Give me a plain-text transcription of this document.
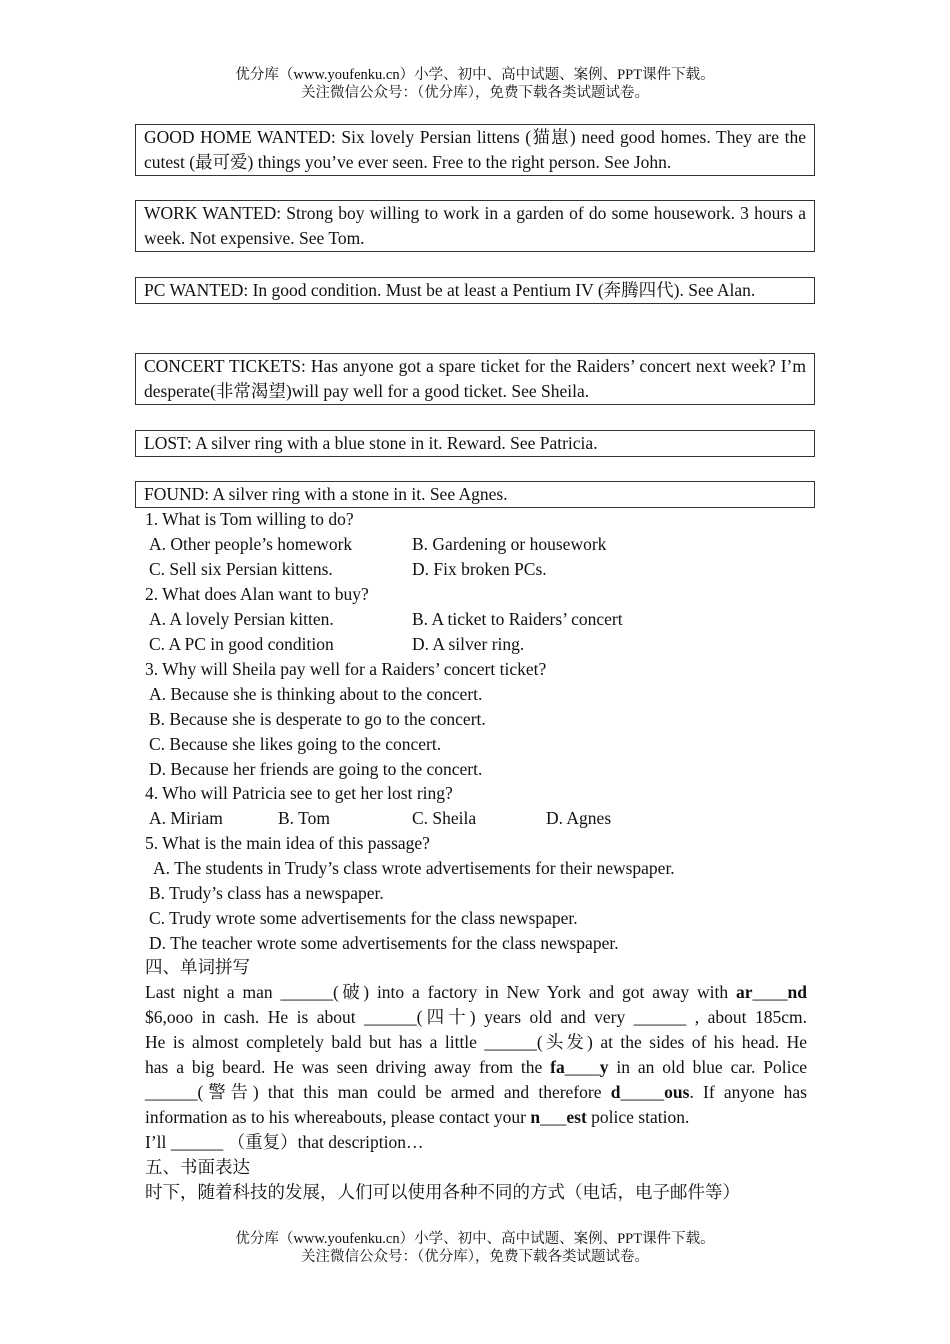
优分库（www.youfenku.cn）小学、初中、高中试题、案例、PPT课件下载。
关注微信公众号：（优分库），免费下载各类试题试卷。
GOOD HOME WANTED: Six lovely Persian littens (猫崽) need good homes. They are the cutest (最可爱) things you’ve ever seen. Free to the right person. See John.
WORK WANTED: Strong boy willing to work in a garden of do some housework. 3 hours a week. Not expensive. See Tom.
PC WANTED: In good condition. Must be at least a Pentium IV (奔腾四代). See Alan.
CONCERT TICKETS: Has anyone got a spare ticket for the Raiders’ concert next week? I’m desperate(非常渴望)will pay well for a good ticket. See Sheila.
LOST: A silver ring with a blue stone in it. Reward. See Patricia.
FOUND: A silver ring with a stone in it. See Agnes.
1. What is Tom willing to do?
A. Other people’s homework	B. Gardening or housework
C. Sell six Persian kittens.	D. Fix broken PCs.
2. What does Alan want to buy?
A. A lovely Persian kitten.	B. A ticket to Raiders’ concert
C. A PC in good condition	D. A silver ring.
3. Why will Sheila pay well for a Raiders’ concert ticket?
A. Because she is thinking about to the concert.
B. Because she is desperate to go to the concert.
C. Because she likes going to the concert.
D. Because her friends are going to the concert.
4. Who will Patricia see to get her lost ring?
A. Miriam	B. Tom	C. Sheila	D. Agnes
5. What is the main idea of this passage?
A. The students in Trudy’s class wrote advertisements for their newspaper.
B. Trudy’s class has a newspaper.
C. Trudy wrote some advertisements for the class newspaper.
D. The teacher wrote some advertisements for the class newspaper.
四、单词拼写
Last night a man ______(破) into a factory in New York and got away with ar____nd
$6,ooo in cash. He is about ______(四十) years old and very ______ , about 185cm.
He is almost completely bald but has a little ______(头发) at the sides of his head. He
has a big beard. He was seen driving away from the fa____y in an old blue car. Police
______(警告) that this man could be armed and therefore d_____ous. If anyone has
information as to his whereabouts, please contact your n___est police station.
I’ll ______ （重复）that description…
五、书面表达
时下，随着科技的发展，人们可以使用各种不同的方式（电话，电子邮件等）
优分库（www.youfenku.cn）小学、初中、高中试题、案例、PPT课件下载。
关注微信公众号：（优分库），免费下载各类试题试卷。
